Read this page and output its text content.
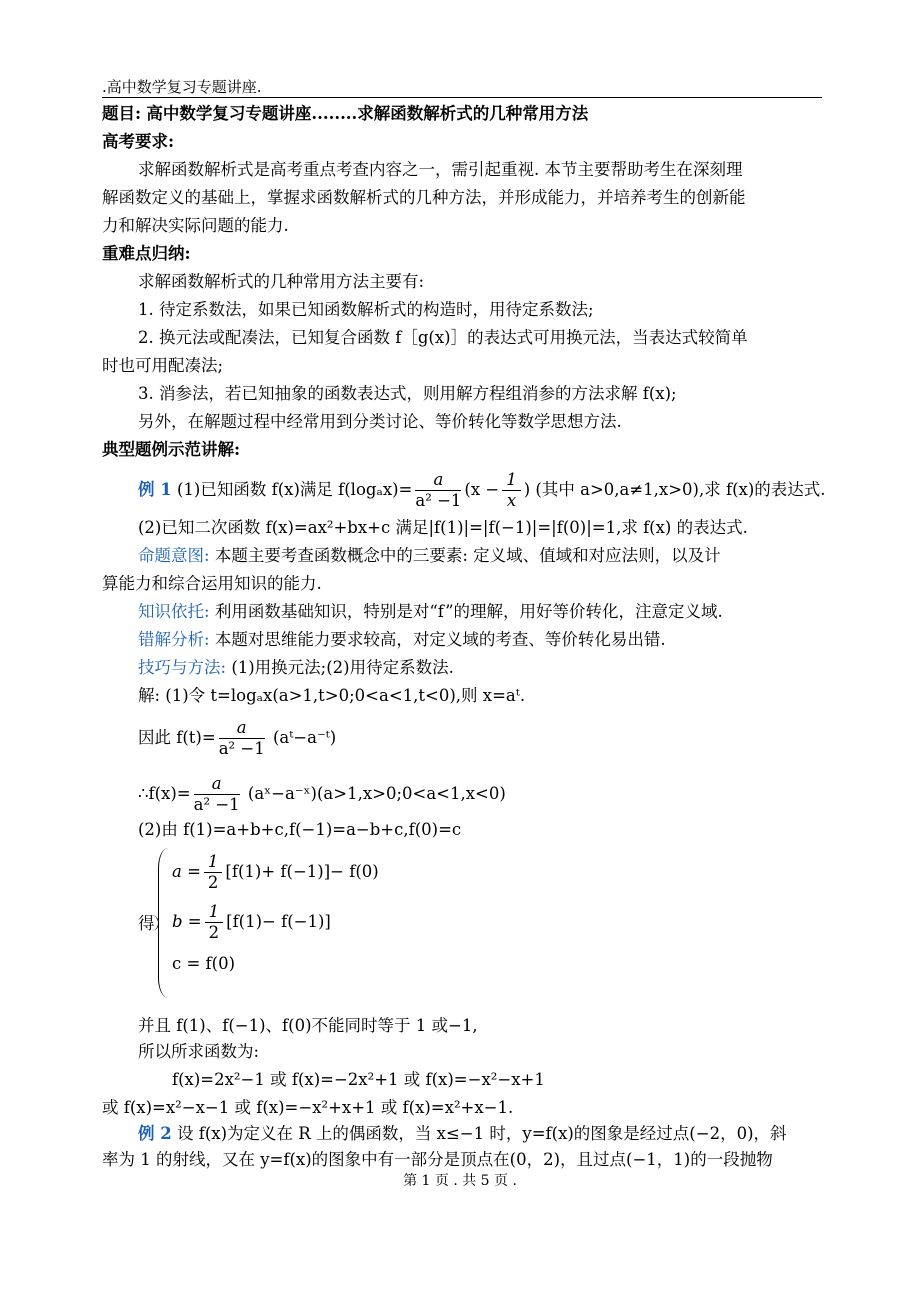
.高中数学复习专题讲座.
题目: 高中数学复习专题讲座........求解函数解析式的几种常用方法
高考要求:
求解函数解析式是高考重点考查内容之一，需引起重视. 本节主要帮助考生在深刻理
解函数定义的基础上，掌握求函数解析式的几种方法，并形成能力，并培养考生的创新能
力和解决实际问题的能力.
重难点归纳:
求解函数解析式的几种常用方法主要有:
1. 待定系数法，如果已知函数解析式的构造时，用待定系数法;
2. 换元法或配凑法，已知复合函数 f［g(x)］的表达式可用换元法，当表达式较简单
时也可用配凑法;
3. 消参法，若已知抽象的函数表达式，则用解方程组消参的方法求解 f(x);
另外，在解题过程中经常用到分类讨论、等价转化等数学思想方法.
典型题例示范讲解:
例 1 (1)已知函数 f(x)满足 $f(\log_ax)= \frac{a}{\text{a² −1}} (x - \frac{1}{x}$ ) (其中 a>0,a≠1,x>0),求 f(x)的表达式.
(2)已知二次函数 f(x)=ax²+bx+c 满足|f(1)|=|f(−1)|=|f(0)|=1,求 f(x) 的表达式.
命题意图: 本题主要考查函数概念中的三要素: 定义域、值域和对应法则，以及计
算能力和综合运用知识的能力.
知识依托: 利用函数基础知识，特别是对“f”的理解，用好等价转化，注意定义域.
错解分析: 本题对思维能力要求较高，对定义域的考查、等价转化易出错.
技巧与方法: (1)用换元法;(2)用待定系数法.
解: (1)令 t=logₐx(a>1,t>0;0<a<1,t<0),则 x=aᵗ.
因此 $f(t)= \frac{a}{\text{a² −1}}$ (aᵗ−a⁻ᵗ)
∴f(x)= $\frac{a}{\text{a² −1}}$ (aˣ−a⁻ˣ)(a>1,x>0;0<a<1,x<0)
(2)由 f(1)=a+b+c,f(−1)=a−b+c,f(0)=c
得
$a = \frac{1}{2} [f(1)+ f(-1)]- f(0)$
$b = \frac{1}{2} [f(1)- f(-1)]$
c = f(0)
并且 f(1)、f(−1)、f(0)不能同时等于 1 或−1,
所以所求函数为:
f(x)=2x²−1 或 f(x)=−2x²+1 或 f(x)=−x²−x+1
或 f(x)=x²−x−1 或 f(x)=−x²+x+1 或 f(x)=x²+x−1.
例 2 设 f(x)为定义在 R 上的偶函数，当 x≤−1 时，y=f(x)的图象是经过点(−2，0)，斜
率为 1 的射线，又在 y=f(x)的图象中有一部分是顶点在(0，2)，且过点(−1，1)的一段抛物
第 1 页 . 共 5 页 .
